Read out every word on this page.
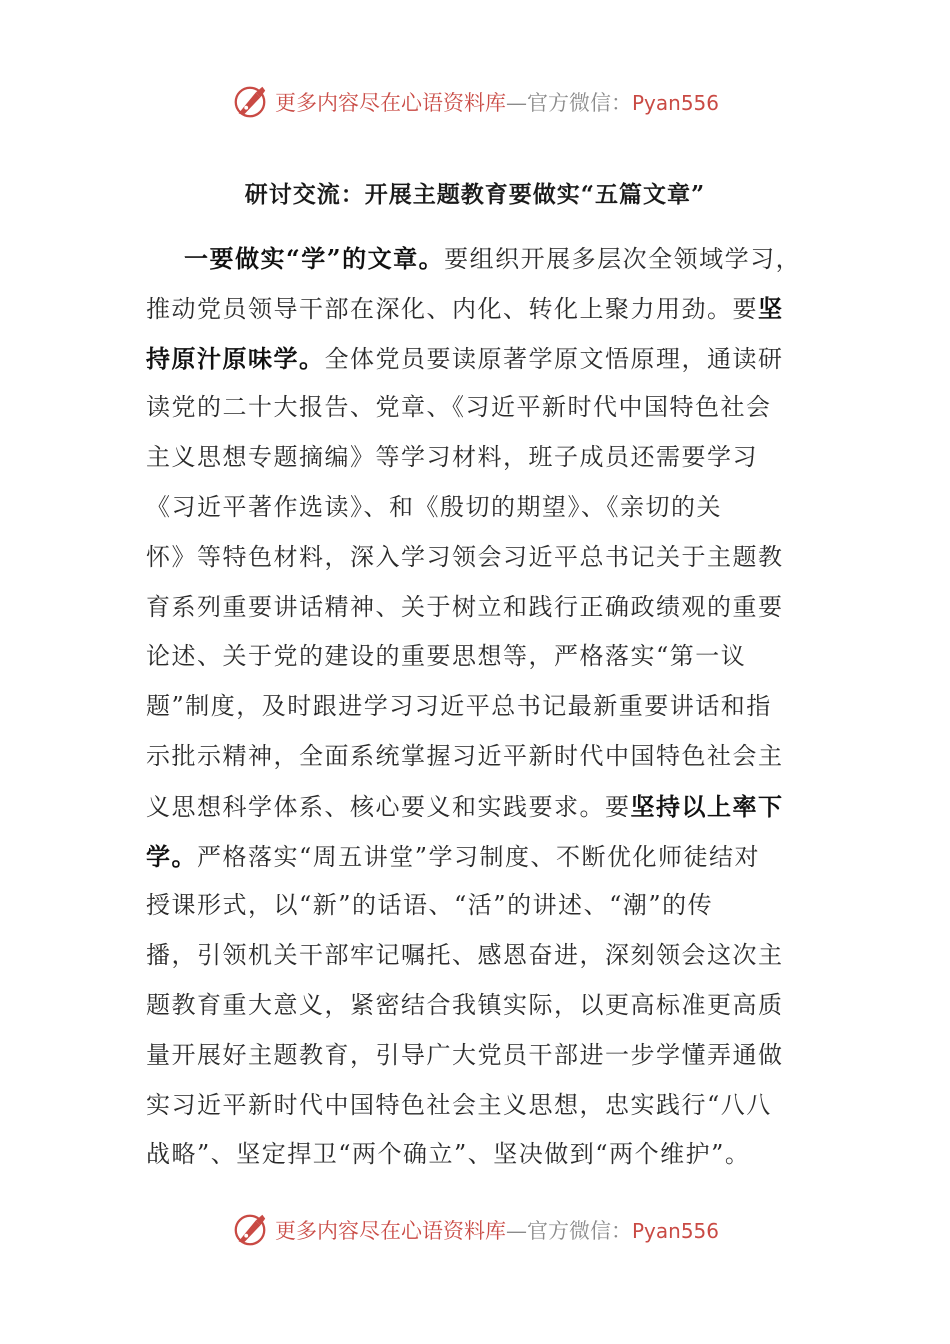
更多内容尽在心语资料库—官方微信：Pyan556
研讨交流：开展主题教育要做实“五篇文章”
一要做实“学”的文章。要组织开展多层次全领域学习，
推动党员领导干部在深化、内化、转化上聚力用劲。要坚
持原汁原味学。全体党员要读原著学原文悟原理，通读研
读党的二十大报告、党章、《习近平新时代中国特色社会
主义思想专题摘编》等学习材料，班子成员还需要学习
《习近平著作选读》、和《殷切的期望》、《亲切的关
怀》等特色材料，深入学习领会习近平总书记关于主题教
育系列重要讲话精神、关于树立和践行正确政绩观的重要
论述、关于党的建设的重要思想等，严格落实“第一议
题”制度，及时跟进学习习近平总书记最新重要讲话和指
示批示精神，全面系统掌握习近平新时代中国特色社会主
义思想科学体系、核心要义和实践要求。要坚持以上率下
学。严格落实“周五讲堂”学习制度、不断优化师徒结对
授课形式，以“新”的话语、“活”的讲述、“潮”的传
播，引领机关干部牢记嘱托、感恩奋进，深刻领会这次主
题教育重大意义，紧密结合我镇实际，以更高标准更高质
量开展好主题教育，引导广大党员干部进一步学懂弄通做
实习近平新时代中国特色社会主义思想，忠实践行“八八
战略”、坚定捍卫“两个确立”、坚决做到“两个维护”。
更多内容尽在心语资料库—官方微信：Pyan556
